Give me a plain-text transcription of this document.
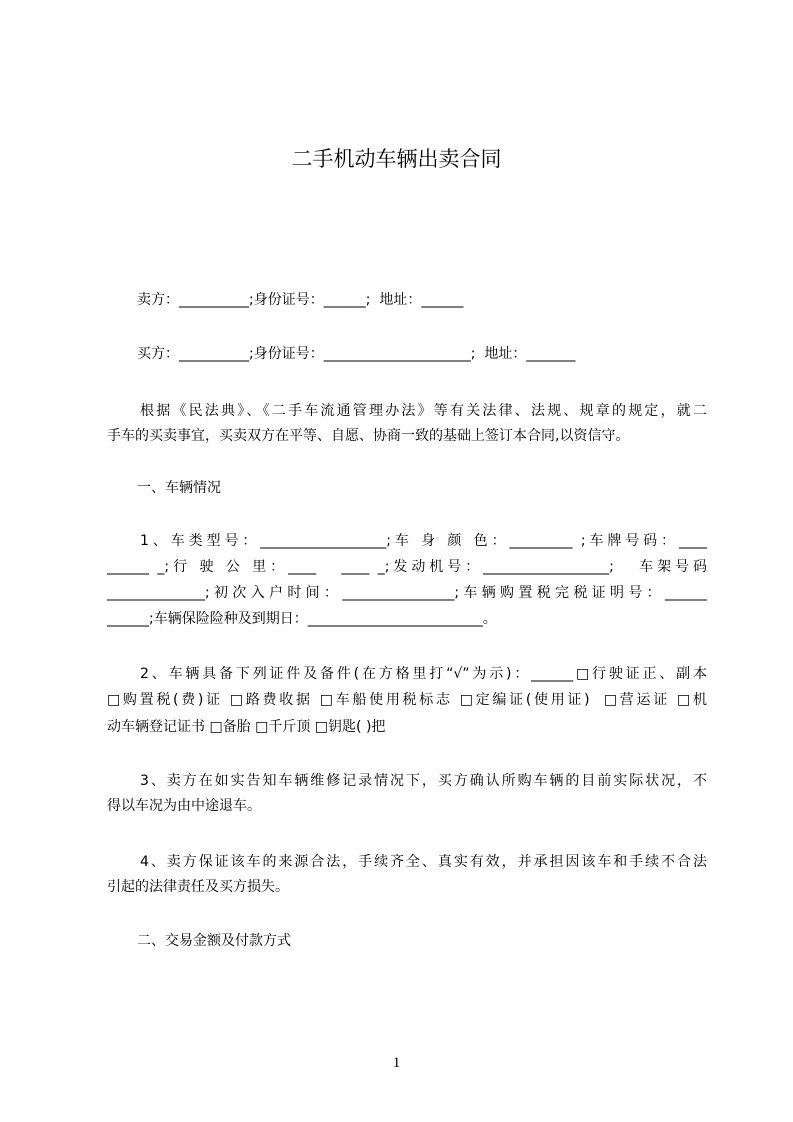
二手机动车辆出卖合同
卖方：__________;身份证号：______;  地址：______
买方：__________;身份证号：_____________________;  地址：_______
根据《民法典》、《二手车流通管理办法》等有关法律、法规、规章的规定，就二
手车的买卖事宜，买卖双方在平等、自愿、协商一致的基础上签订本合同,以资信守。
一、车辆情况
1、车类型号：__________________;车 身 颜 色：_________ ;车牌号码：____
______ _;行 驶 公 里：____   ____ _;发动机号：__________________;   车架号码
______________;初次入户时间：________________;车辆购置税完税证明号：______
______;车辆保险险种及到期日：_________________________。
2、车辆具备下列证件及备件(在方格里打“√”为示)：______□行驶证正、副本
□购置税(费)证 □路费收据 □车船使用税标志 □定编证(使用证)  □营运证 □机
动车辆登记证书 □备胎 □千斤顶 □钥匙( )把
3、卖方在如实告知车辆维修记录情况下，买方确认所购车辆的目前实际状况，不
得以车况为由中途退车。
4、卖方保证该车的来源合法，手续齐全、真实有效，并承担因该车和手续不合法
引起的法律责任及买方损失。
二、交易金额及付款方式
1
